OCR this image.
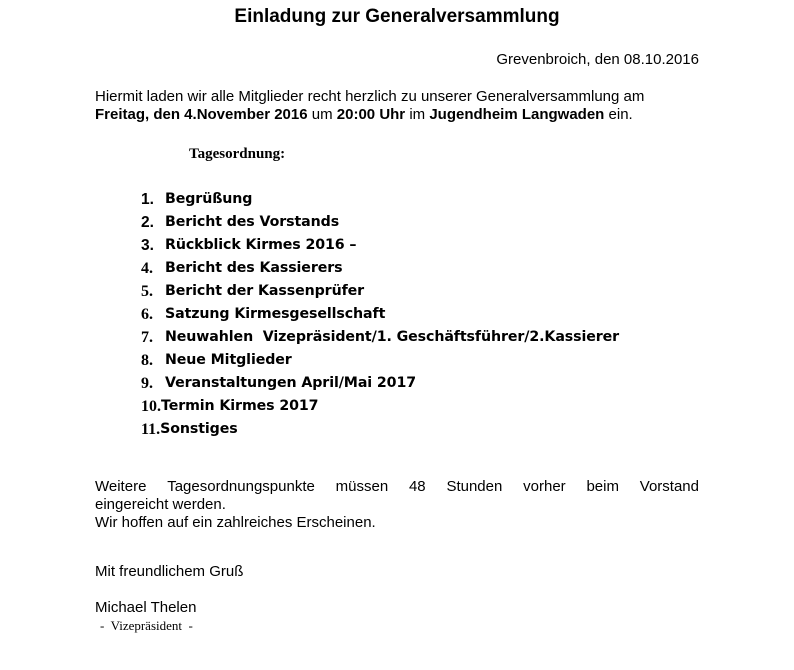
Einladung zur Generalversammlung
Grevenbroich, den 08.10.2016
Hiermit laden wir alle Mitglieder recht herzlich zu unserer Generalversammlung am
Freitag, den 4.November 2016 um 20:00 Uhr im Jugendheim Langwaden ein.
Tagesordnung:
1. Begrüßung
2. Bericht des Vorstands
3. Rückblick Kirmes 2016 –
4. Bericht des Kassierers
5. Bericht der Kassenprüfer
6. Satzung Kirmesgesellschaft
7. Neuwahlen  Vizepräsident/1. Geschäftsführer/2.Kassierer
8. Neue Mitglieder
9. Veranstaltungen April/Mai 2017
10. Termin Kirmes 2017
11. Sonstiges
Weitere Tagesordnungspunkte müssen 48 Stunden vorher beim Vorstand
eingereicht werden.
Wir hoffen auf ein zahlreiches Erscheinen.
Mit freundlichem Gruß
Michael Thelen
-  Vizepräsident  -
